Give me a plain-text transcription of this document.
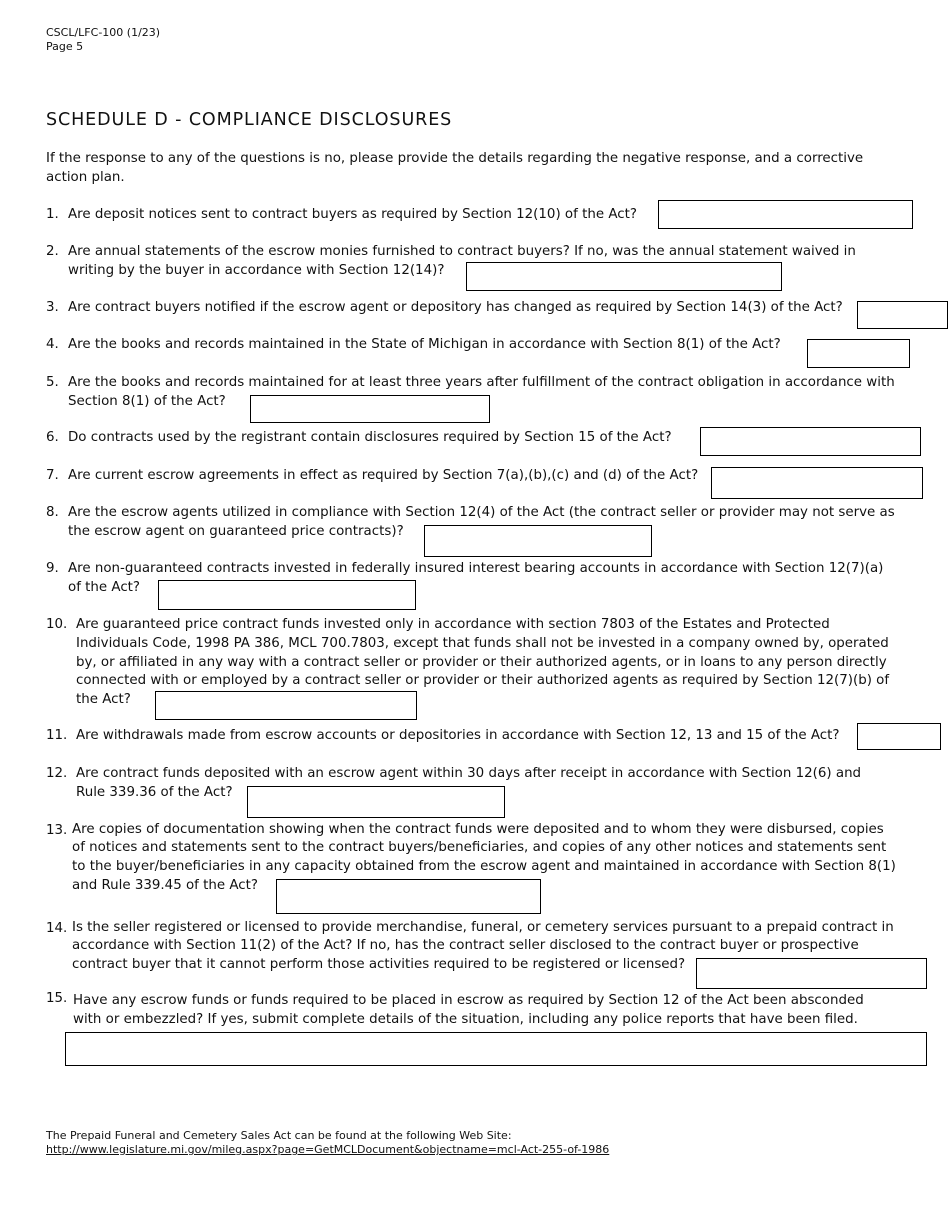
CSCL/LFC-100 (1/23)
Page 5
SCHEDULE D - COMPLIANCE DISCLOSURES
If the response to any of the questions is no, please provide the details regarding the negative response, and a corrective
action plan.
1. Are deposit notices sent to contract buyers as required by Section 12(10) of the Act?
2. Are annual statements of the escrow monies furnished to contract buyers? If no, was the annual statement waived in
writing by the buyer in accordance with Section 12(14)?
3. Are contract buyers notified if the escrow agent or depository has changed as required by Section 14(3) of the Act?
4. Are the books and records maintained in the State of Michigan in accordance with Section 8(1) of the Act?
5. Are the books and records maintained for at least three years after fulfillment of the contract obligation in accordance with
Section 8(1) of the Act?
6. Do contracts used by the registrant contain disclosures required by Section 15 of the Act?
7. Are current escrow agreements in effect as required by Section 7(a),(b),(c) and (d) of the Act?
8. Are the escrow agents utilized in compliance with Section 12(4) of the Act (the contract seller or provider may not serve as
the escrow agent on guaranteed price contracts)?
9. Are non-guaranteed contracts invested in federally insured interest bearing accounts in accordance with Section 12(7)(a)
of the Act?
10. Are guaranteed price contract funds invested only in accordance with section 7803 of the Estates and Protected
Individuals Code, 1998 PA 386, MCL 700.7803, except that funds shall not be invested in a company owned by, operated
by, or affiliated in any way with a contract seller or provider or their authorized agents, or in loans to any person directly
connected with or employed by a contract seller or provider or their authorized agents as required by Section 12(7)(b) of
the Act?
11. Are withdrawals made from escrow accounts or depositories in accordance with Section 12, 13 and 15 of the Act?
12. Are contract funds deposited with an escrow agent within 30 days after receipt in accordance with Section 12(6) and
Rule 339.36 of the Act?
13. Are copies of documentation showing when the contract funds were deposited and to whom they were disbursed, copies
of notices and statements sent to the contract buyers/beneficiaries, and copies of any other notices and statements sent
to the buyer/beneficiaries in any capacity obtained from the escrow agent and maintained in accordance with Section 8(1)
and Rule 339.45 of the Act?
14. Is the seller registered or licensed to provide merchandise, funeral, or cemetery services pursuant to a prepaid contract in
accordance with Section 11(2) of the Act? If no, has the contract seller disclosed to the contract buyer or prospective
contract buyer that it cannot perform those activities required to be registered or licensed?
15. Have any escrow funds or funds required to be placed in escrow as required by Section 12 of the Act been absconded
with or embezzled? If yes, submit complete details of the situation, including any police reports that have been filed.
The Prepaid Funeral and Cemetery Sales Act can be found at the following Web Site:
http://www.legislature.mi.gov/mileg.aspx?page=GetMCLDocument&objectname=mcl-Act-255-of-1986
